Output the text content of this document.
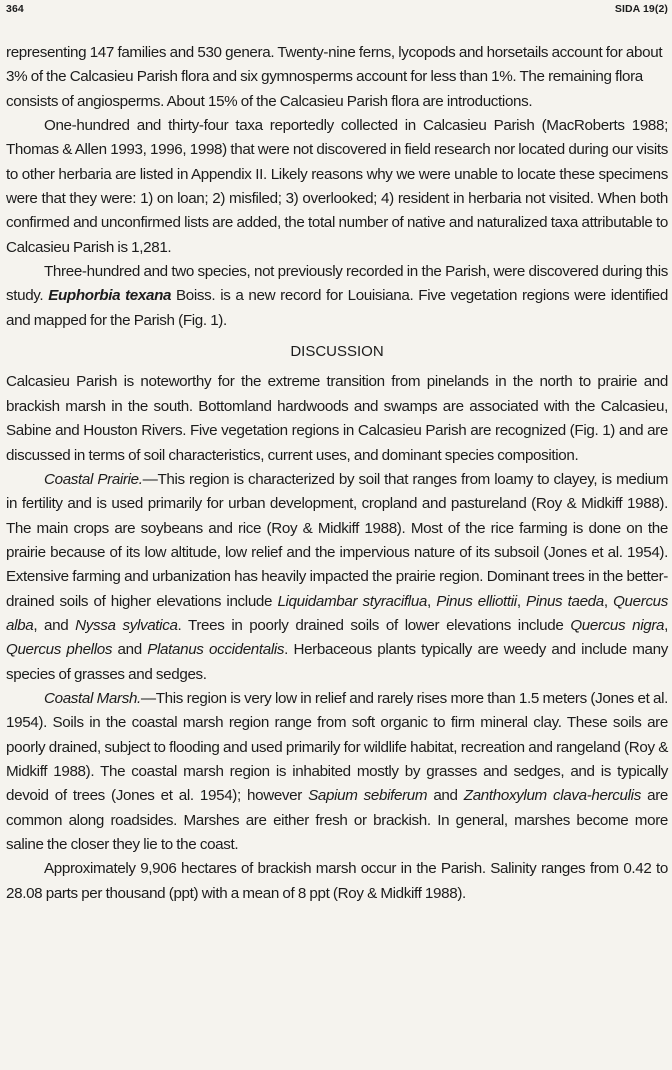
364	SIDA 19(2)

representing 147 families and 530 genera. Twenty-nine ferns, lycopods and horsetails account for about 3% of the Calcasieu Parish flora and six gymnosperms account for less than 1%. The remaining flora consists of angiosperms. About 15% of the Calcasieu Parish flora are introductions.

One-hundred and thirty-four taxa reportedly collected in Calcasieu Parish (MacRoberts 1988; Thomas & Allen 1993, 1996, 1998) that were not discovered in field research nor located during our visits to other herbaria are listed in Appendix II. Likely reasons why we were unable to locate these specimens were that they were: 1) on loan; 2) misfiled; 3) overlooked; 4) resident in herbaria not visited. When both confirmed and unconfirmed lists are added, the total number of native and naturalized taxa attributable to Calcasieu Parish is 1,281.

Three-hundred and two species, not previously recorded in the Parish, were discovered during this study. Euphorbia texana Boiss. is a new record for Louisiana. Five vegetation regions were identified and mapped for the Parish (Fig. 1).

DISCUSSION

Calcasieu Parish is noteworthy for the extreme transition from pinelands in the north to prairie and brackish marsh in the south. Bottomland hardwoods and swamps are associated with the Calcasieu, Sabine and Houston Rivers. Five vegetation regions in Calcasieu Parish are recognized (Fig. 1) and are discussed in terms of soil characteristics, current uses, and dominant species composition.

Coastal Prairie.—This region is characterized by soil that ranges from loamy to clayey, is medium in fertility and is used primarily for urban development, cropland and pastureland (Roy & Midkiff 1988). The main crops are soybeans and rice (Roy & Midkiff 1988). Most of the rice farming is done on the prairie because of its low altitude, low relief and the impervious nature of its subsoil (Jones et al. 1954). Extensive farming and urbanization has heavily impacted the prairie region. Dominant trees in the better-drained soils of higher elevations include Liquidambar styraciflua, Pinus elliottii, Pinus taeda, Quercus alba, and Nyssa sylvatica. Trees in poorly drained soils of lower elevations include Quercus nigra, Quercus phellos and Platanus occidentalis. Herbaceous plants typically are weedy and include many species of grasses and sedges.

Coastal Marsh.—This region is very low in relief and rarely rises more than 1.5 meters (Jones et al. 1954). Soils in the coastal marsh region range from soft organic to firm mineral clay. These soils are poorly drained, subject to flooding and used primarily for wildlife habitat, recreation and rangeland (Roy & Midkiff 1988). The coastal marsh region is inhabited mostly by grasses and sedges, and is typically devoid of trees (Jones et al. 1954); however Sapium sebiferum and Zanthoxylum clava-herculis are common along roadsides. Marshes are either fresh or brackish. In general, marshes become more saline the closer they lie to the coast.

Approximately 9,906 hectares of brackish marsh occur in the Parish. Salinity ranges from 0.42 to 28.08 parts per thousand (ppt) with a mean of 8 ppt (Roy & Midkiff 1988).
